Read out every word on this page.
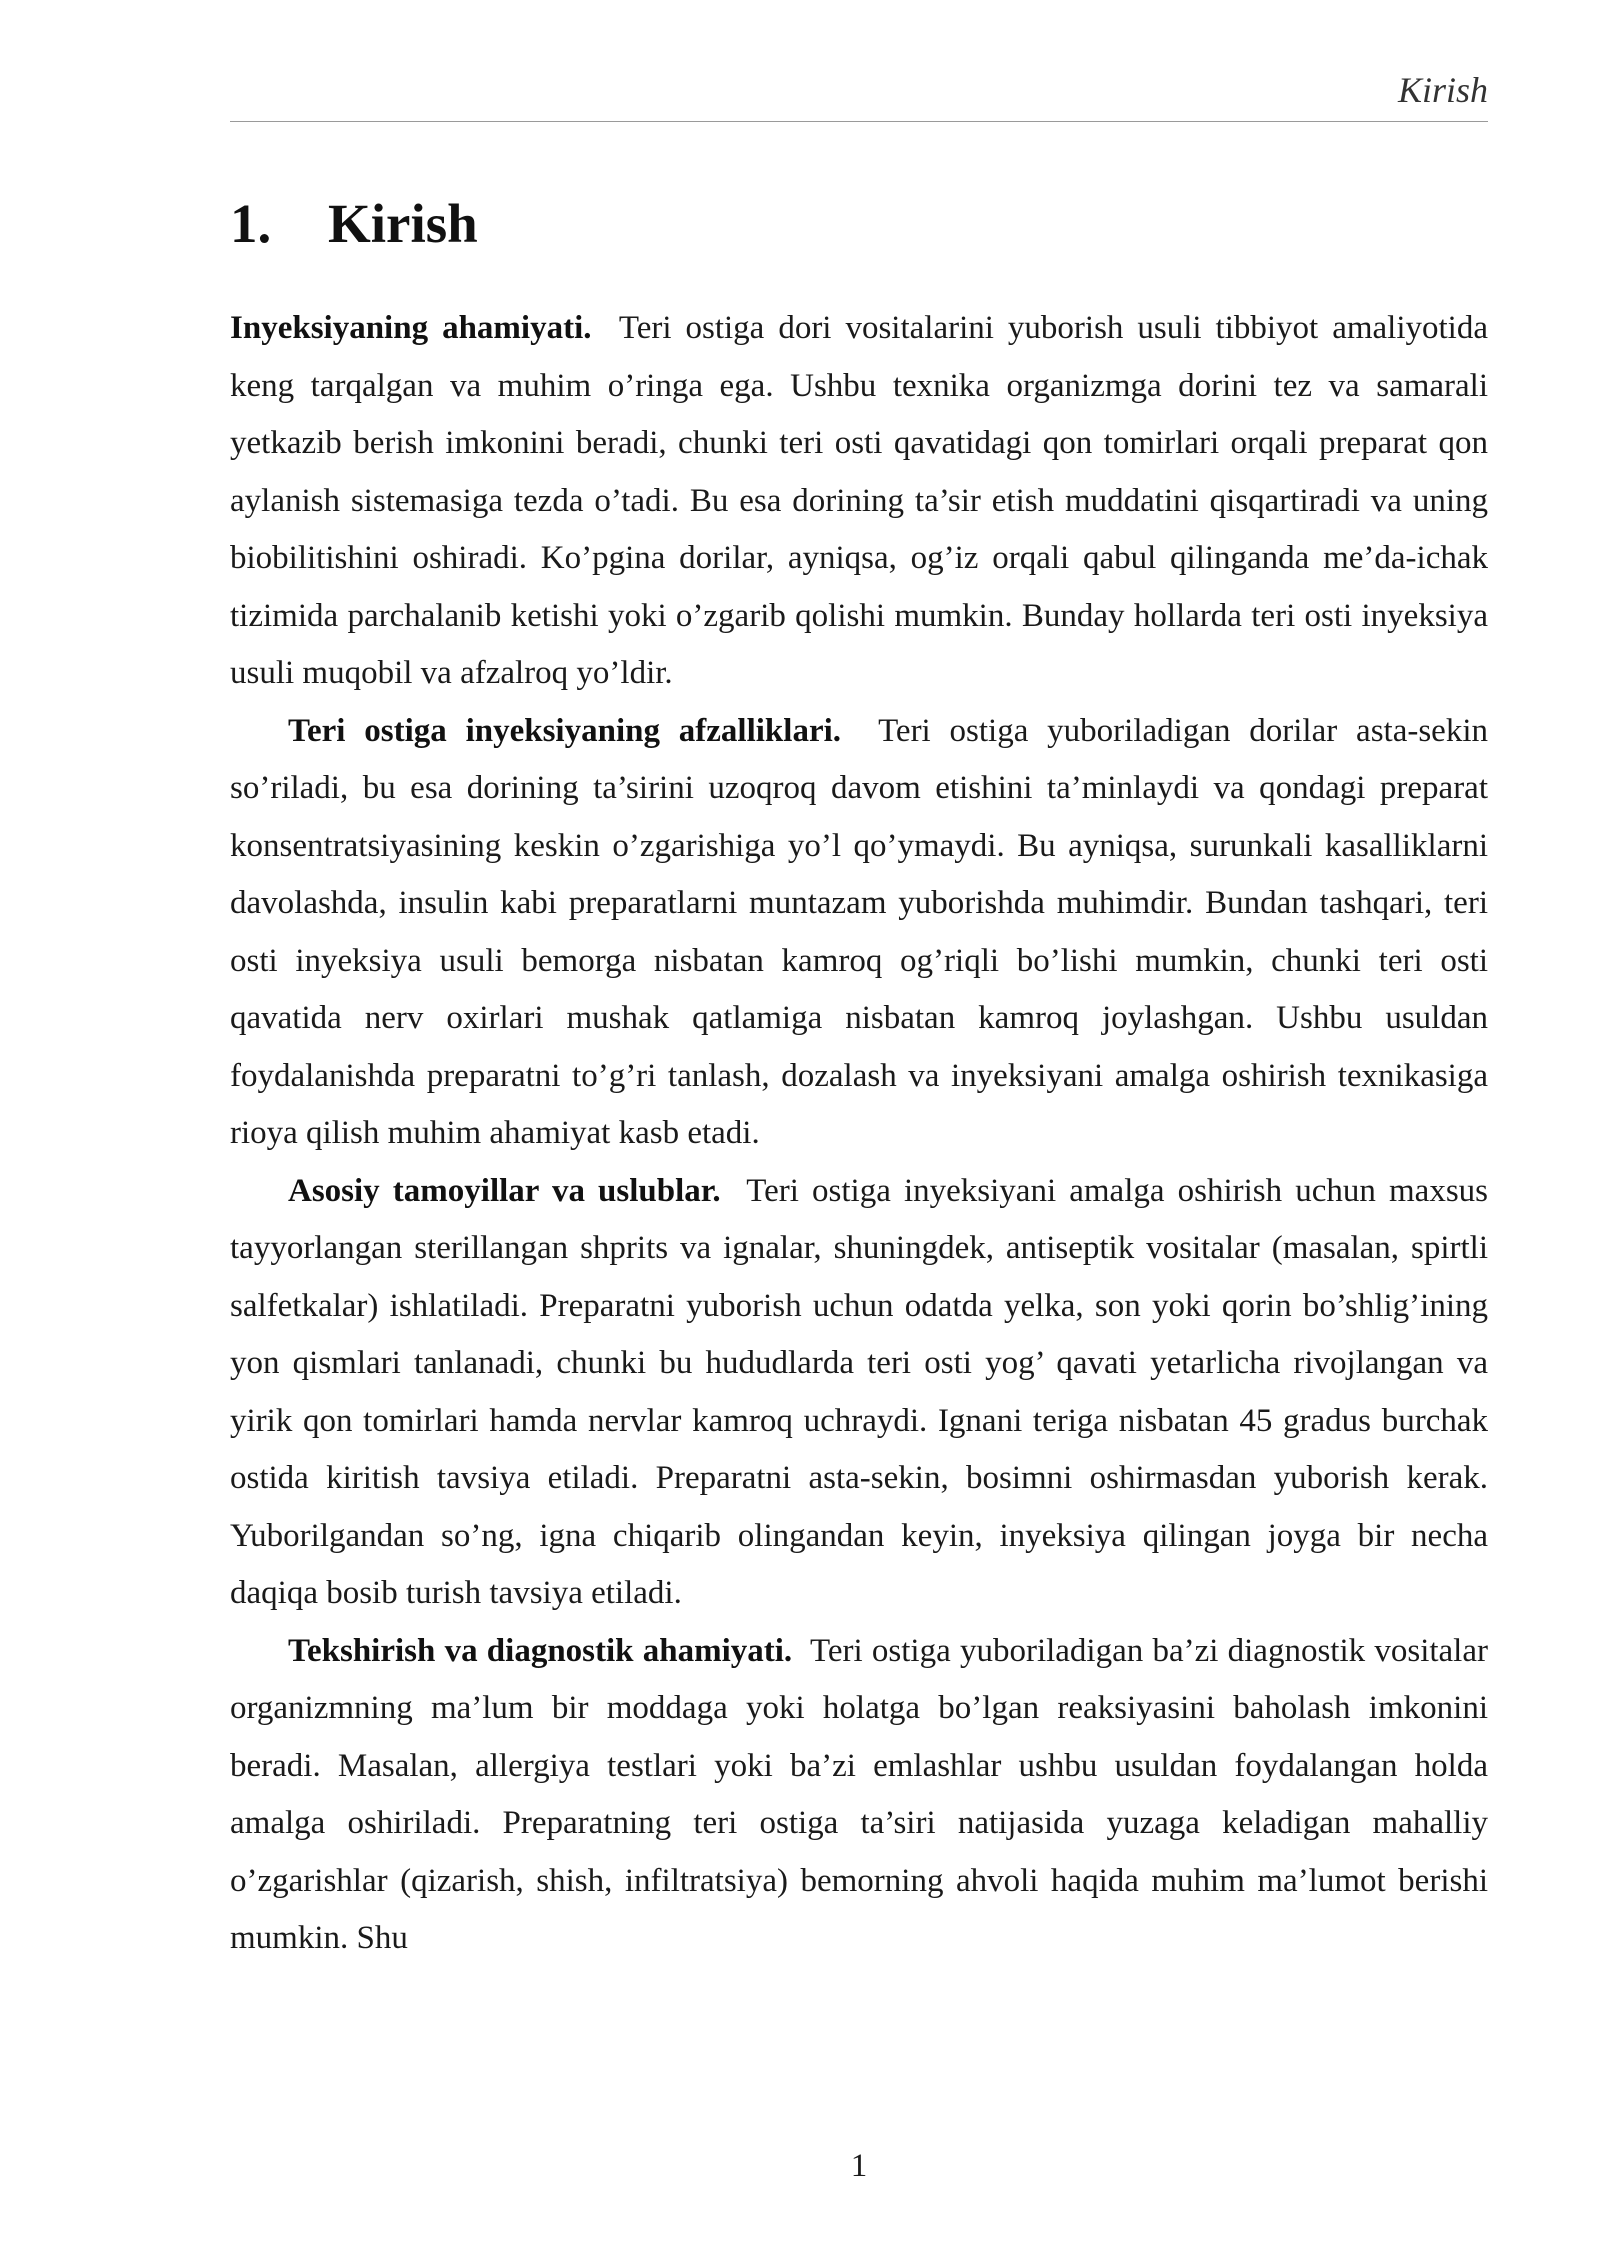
Kirish
1. Kirish

Inyeksiyaning ahamiyati. Teri ostiga dori vositalarini yuborish usuli tibbiyot amaliyotida keng tarqalgan va muhim o’ringa ega. Ushbu texnika organizmga dorini tez va samarali yetkazib berish imkonini beradi, chunki teri osti qavatidagi qon tomirlari orqali preparat qon aylanish sistemasiga tezda o’tadi. Bu esa dorining ta’sir etish muddatini qisqartiradi va uning biobilitishini oshiradi. Ko’pgina dorilar, ayniqsa, og’iz orqali qabul qilinganda me’da-ichak tizimida parchalanib ketishi yoki o’zgarib qolishi mumkin. Bunday hollarda teri osti inyeksiya usuli muqobil va afzalroq yo’ldir.

Teri ostiga inyeksiyaning afzalliklari. Teri ostiga yuboriladigan dorilar asta-sekin so’riladi, bu esa dorining ta’sirini uzoqroq davom etishini ta’minlaydi va qondagi preparat konsentratsiyasining keskin o’zgarishiga yo’l qo’ymaydi. Bu ayniqsa, surunkali kasalliklarni davolashda, insulin kabi preparatlarni muntazam yuborishda muhimdir. Bundan tashqari, teri osti inyeksiya usuli bemorga nisbatan kamroq og’riqli bo’lishi mumkin, chunki teri osti qavatida nerv oxirlari mushak qatlamiga nisbatan kamroq joylashgan. Ushbu usuldan foydalanishda preparatni to’g’ri tanlash, dozalash va inyeksiyani amalga oshirish texnikasiga rioya qilish muhim ahamiyat kasb etadi.

Asosiy tamoyillar va uslublar. Teri ostiga inyeksiyani amalga oshirish uchun maxsus tayyorlangan sterillangan shprits va ignalar, shuningdek, antiseptik vositalar (masalan, spirtli salfetkalar) ishlatiladi. Preparatni yuborish uchun odatda yelka, son yoki qorin bo’shlig’ining yon qismlari tanlanadi, chunki bu hududlarda teri osti yog’ qavati yetarlicha rivojlangan va yirik qon tomirlari hamda nervlar kamroq uchraydi. Ignani teriga nisbatan 45 gradus burchak ostida kiritish tavsiya etiladi. Preparatni asta-sekin, bosimni oshirmasdan yuborish kerak. Yuborilgandan so’ng, igna chiqarib olingandan keyin, inyeksiya qilingan joyga bir necha daqiqa bosib turish tavsiya etiladi.

Tekshirish va diagnostik ahamiyati. Teri ostiga yuboriladigan ba’zi diagnostik vositalar organizmning ma’lum bir moddaga yoki holatga bo’lgan reaksiyasini baholash imkonini beradi. Masalan, allergiya testlari yoki ba’zi emlashlar ushbu usuldan foydalangan holda amalga oshiriladi. Preparatning teri ostiga ta’siri natijasida yuzaga keladigan mahalliy o’zgarishlar (qizarish, shish, infiltratsiya) bemorning ahvoli haqida muhim ma’lumot berishi mumkin. Shu

1
